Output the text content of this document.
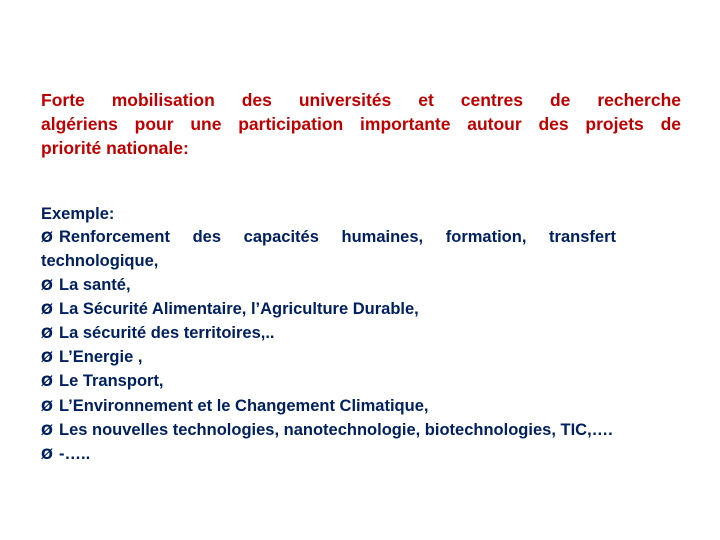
Forte mobilisation des universités et centres de recherche
algériens pour une participation importante autour des projets de
priorité nationale:

Exemple:
Ø Renforcement des capacités humaines, formation, transfert
technologique,
Ø La santé,
Ø La Sécurité Alimentaire, l’Agriculture Durable,
Ø La sécurité des territoires,..
Ø L’Energie ,
Ø Le Transport,
Ø L’Environnement et le Changement Climatique,
Ø Les nouvelles technologies, nanotechnologie, biotechnologies, TIC,….
Ø -…..
